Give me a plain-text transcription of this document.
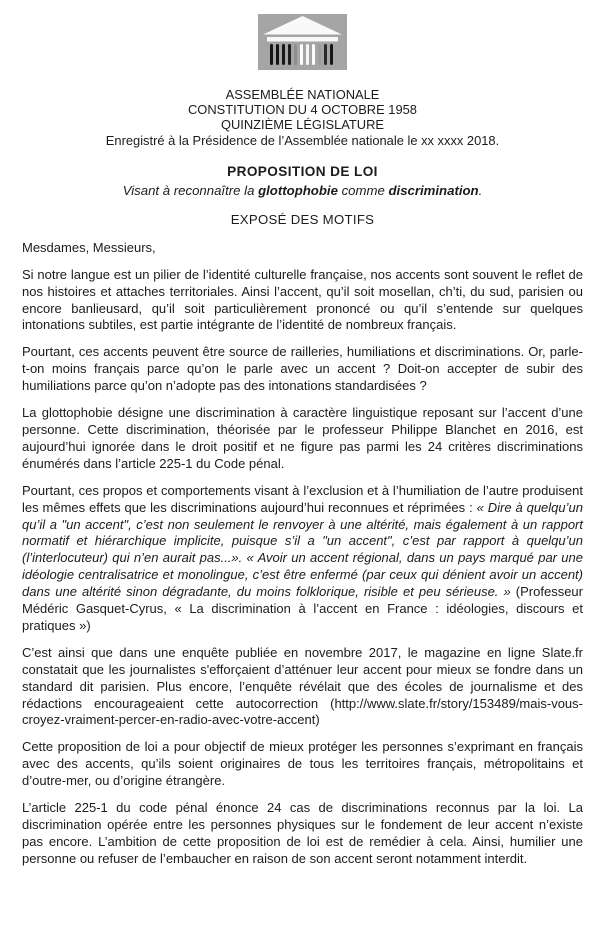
ASSEMBLÉE NATIONALE
CONSTITUTION DU 4 OCTOBRE 1958
QUINZIÈME LÉGISLATURE
Enregistré à la Présidence de l’Assemblée nationale le xx xxxx 2018.
PROPOSITION DE LOI
Visant à reconnaître la glottophobie comme discrimination.
EXPOSÉ DES MOTIFS

Mesdames, Messieurs,

Si notre langue est un pilier de l’identité culturelle française, nos accents sont souvent le reflet de nos histoires et attaches territoriales. Ainsi l’accent, qu’il soit mosellan, ch’ti, du sud, parisien ou encore banlieusard, qu’il soit particulièrement prononcé ou qu’il s’entende sur quelques intonations subtiles, est partie intégrante de l’identité de nombreux français.

Pourtant, ces accents peuvent être source de railleries, humiliations et discriminations. Or, parle-t-on moins français parce qu’on le parle avec un accent ? Doit-on accepter de subir des humiliations parce qu’on n’adopte pas des intonations standardisées ?

La glottophobie désigne une discrimination à caractère linguistique reposant sur l’accent d’une personne. Cette discrimination, théorisée par le professeur Philippe Blanchet en 2016, est aujourd’hui ignorée dans le droit positif et ne figure pas parmi les 24 critères discriminations énumérés dans l’article 225-1 du Code pénal.

Pourtant, ces propos et comportements visant à l’exclusion et à l’humiliation de l’autre produisent les mêmes effets que les discriminations aujourd’hui reconnues et réprimées : « Dire à quelqu’un qu’il a "un accent", c’est non seulement le renvoyer à une altérité, mais également à un rapport normatif et hiérarchique implicite, puisque s’il a "un accent", c’est par rapport à quelqu’un (l’interlocuteur) qui n’en aurait pas...». « Avoir un accent régional, dans un pays marqué par une idéologie centralisatrice et monolingue, c’est être enfermé (par ceux qui dénient avoir un accent) dans une altérité sinon dégradante, du moins folklorique, risible et peu sérieuse. » (Professeur Médéric Gasquet-Cyrus, « La discrimination à l’accent en France : idéologies, discours et pratiques »)

C’est ainsi que dans une enquête publiée en novembre 2017, le magazine en ligne Slate.fr constatait que les journalistes s'efforçaient d’atténuer leur accent pour mieux se fondre dans un standard dit parisien. Plus encore, l’enquête révélait que des écoles de journalisme et des rédactions encourageaient cette autocorrection (http://www.slate.fr/story/153489/mais-vous-croyez-vraiment-percer-en-radio-avec-votre-accent)

Cette proposition de loi a pour objectif de mieux protéger les personnes s’exprimant en français avec des accents, qu’ils soient originaires de tous les territoires français, métropolitains et d’outre-mer, ou d’origine étrangère.

L’article 225-1 du code pénal énonce 24 cas de discriminations reconnus par la loi. La discrimination opérée entre les personnes physiques sur le fondement de leur accent n’existe pas encore. L’ambition de cette proposition de loi est de remédier à cela. Ainsi, humilier une personne ou refuser de l’embaucher en raison de son accent seront notamment interdit.
